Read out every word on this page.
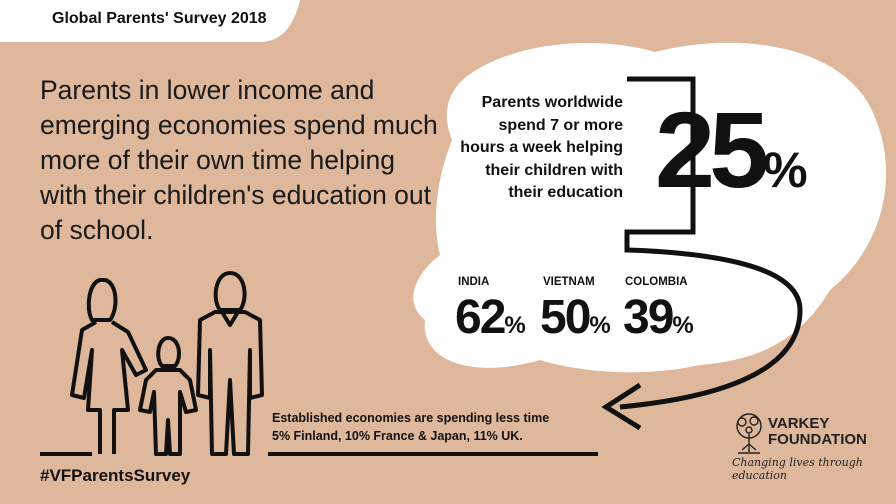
Global Parents' Survey 2018
Parents in lower income and emerging economies spend much more of their own time helping with their children's education out of school.
Parents worldwide spend 7 or more hours a week helping their children with their education 25%
INDIA
62%
VIETNAM
50%
COLOMBIA
39%
Established economies are spending less time
5% Finland, 10% France & Japan, 11% UK.
#VFParentsSurvey
VARKEY
FOUNDATION
Changing lives through education
